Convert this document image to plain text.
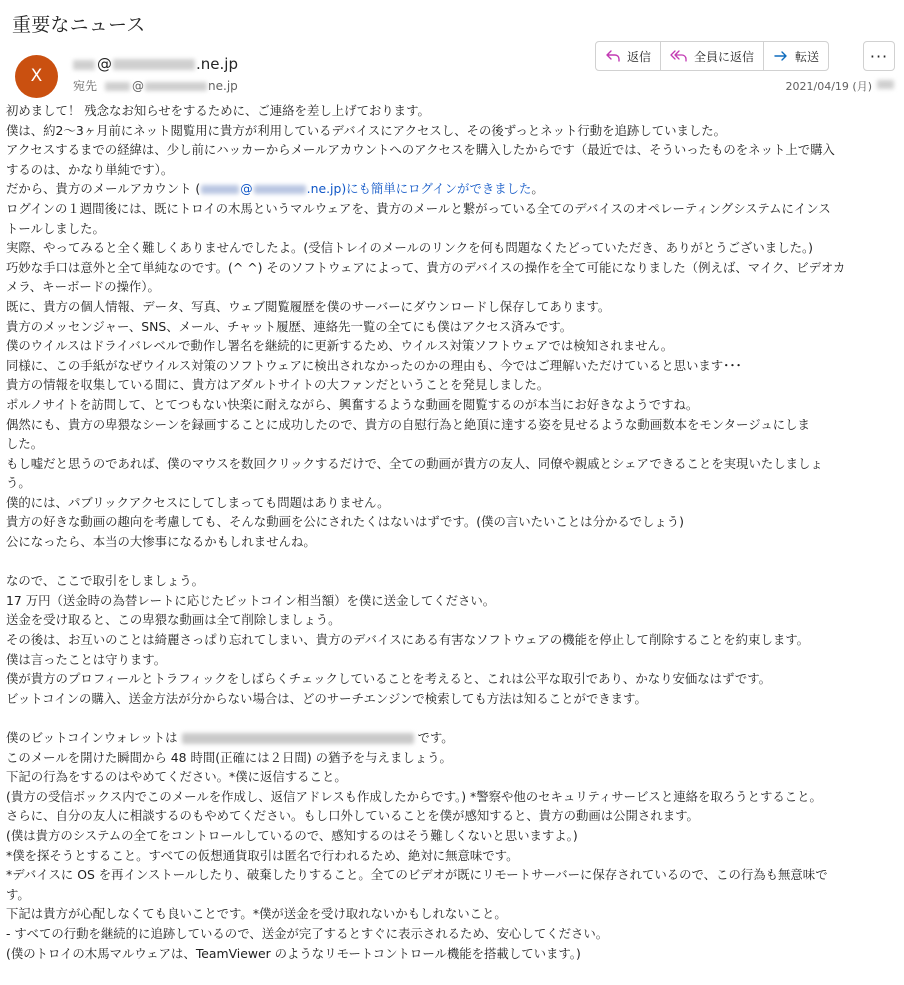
重要なニュース
X
@	.ne.jp
宛先	@	ne.jp
返信	全員に返信	転送	···
2021/04/19 (月)

初めまして！ 残念なお知らせをするために、ご連絡を差し上げております。

僕は、約2〜3ヶ月前にネット閲覧用に貴方が利用しているデバイスにアクセスし、その後ずっとネット行動を追跡していました。

アクセスするまでの経緯は、少し前にハッカーからメールアカウントへのアクセスを購入したからです（最近では、そういったものをネット上で購入

するのは、かなり単純です）。

だから、貴方のメールアカウント (	@	.ne.jp)にも簡単にログインができました。

ログインの１週間後には、既にトロイの木馬というマルウェアを、貴方のメールと繋がっている全てのデバイスのオペレーティングシステムにインス

トールしました。

実際、やってみると全く難しくありませんでしたよ。(受信トレイのメールのリンクを何も問題なくたどっていただき、ありがとうございました。)

巧妙な手口は意外と全て単純なのです。(^ ^) そのソフトウェアによって、貴方のデバイスの操作を全て可能になりました（例えば、マイク、ビデオカ

メラ、キーボードの操作）。

既に、貴方の個人情報、データ、写真、ウェブ閲覧履歴を僕のサーバーにダウンロードし保存してあります。

貴方のメッセンジャー、SNS、メール、チャット履歴、連絡先一覧の全てにも僕はアクセス済みです。

僕のウイルスはドライバレベルで動作し署名を継続的に更新するため、ウイルス対策ソフトウェアでは検知されません。

同様に、この手紙がなぜウイルス対策のソフトウェアに検出されなかったのかの理由も、今ではご理解いただけていると思います･･･

貴方の情報を収集している間に、貴方はアダルトサイトの大ファンだということを発見しました。

ポルノサイトを訪問して、とてつもない快楽に耐えながら、興奮するような動画を閲覧するのが本当にお好きなようですね。

偶然にも、貴方の卑猥なシーンを録画することに成功したので、貴方の自慰行為と絶頂に達する姿を見せるような動画数本をモンタージュにしま

した。

もし嘘だと思うのであれば、僕のマウスを数回クリックするだけで、全ての動画が貴方の友人、同僚や親戚とシェアできることを実現いたしましょ

う。

僕的には、パブリックアクセスにしてしまっても問題はありません。

貴方の好きな動画の趣向を考慮しても、そんな動画を公にされたくはないはずです。(僕の言いたいことは分かるでしょう)

公になったら、本当の大惨事になるかもしれませんね。

なので、ここで取引をしましょう。

17 万円（送金時の為替レートに応じたビットコイン相当額）を僕に送金してください。

送金を受け取ると、この卑猥な動画は全て削除しましょう。

その後は、お互いのことは綺麗さっぱり忘れてしまい、貴方のデバイスにある有害なソフトウェアの機能を停止して削除することを約束します。

僕は言ったことは守ります。

僕が貴方のプロフィールとトラフィックをしばらくチェックしていることを考えると、これは公平な取引であり、かなり安価なはずです。

ビットコインの購入、送金方法が分からない場合は、どのサーチエンジンで検索しても方法は知ることができます。

僕のビットコインウォレットは	です。

このメールを開けた瞬間から 48 時間(正確には２日間) の猶予を与えましょう。

下記の行為をするのはやめてください。*僕に返信すること。

(貴方の受信ボックス内でこのメールを作成し、返信アドレスも作成したからです。) *警察や他のセキュリティサービスと連絡を取ろうとすること。

さらに、自分の友人に相談するのもやめてください。もし口外していることを僕が感知すると、貴方の動画は公開されます。

(僕は貴方のシステムの全てをコントロールしているので、感知するのはそう難しくないと思いますよ。)

*僕を探そうとすること。すべての仮想通貨取引は匿名で行われるため、絶対に無意味です。

*デバイスに OS を再インストールしたり、破棄したりすること。全てのビデオが既にリモートサーバーに保存されているので、この行為も無意味で

す。

下記は貴方が心配しなくても良いことです。*僕が送金を受け取れないかもしれないこと。

- すべての行動を継続的に追跡しているので、送金が完了するとすぐに表示されるため、安心してください。

(僕のトロイの木馬マルウェアは、TeamViewer のようなリモートコントロール機能を搭載しています。)
